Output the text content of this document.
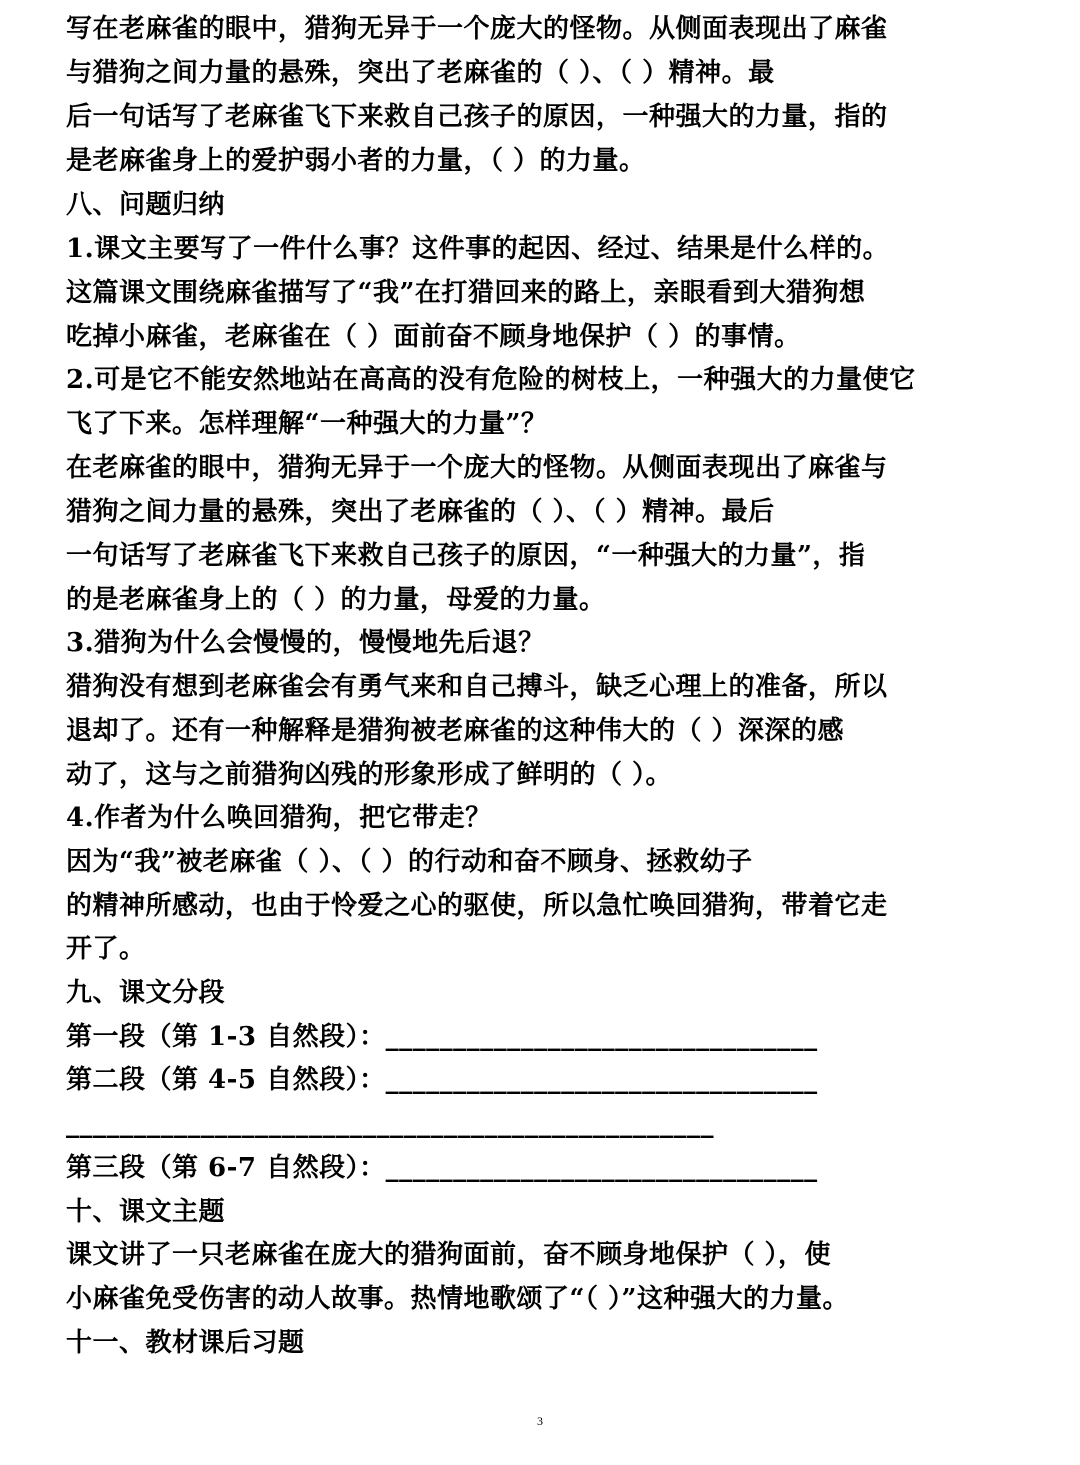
写在老麻雀的眼中，猎狗无异于一个庞大的怪物。从侧面表现出了麻雀
与猎狗之间力量的悬殊，突出了老麻雀的（ ）、（ ）精神。最
后一句话写了老麻雀飞下来救自己孩子的原因，一种强大的力量，指的
是老麻雀身上的爱护弱小者的力量，（ ）的力量。
八、问题归纳
1.课文主要写了一件什么事？这件事的起因、经过、结果是什么样的。
这篇课文围绕麻雀描写了“我”在打猎回来的路上，亲眼看到大猎狗想
吃掉小麻雀，老麻雀在（ ）面前奋不顾身地保护（ ）的事情。
2.可是它不能安然地站在高高的没有危险的树枝上，一种强大的力量使它
飞了下来。怎样理解“一种强大的力量”？
在老麻雀的眼中，猎狗无异于一个庞大的怪物。从侧面表现出了麻雀与
猎狗之间力量的悬殊，突出了老麻雀的（ ）、（ ）精神。最后
一句话写了老麻雀飞下来救自己孩子的原因，“一种强大的力量”，指
的是老麻雀身上的（ ）的力量，母爱的力量。
3.猎狗为什么会慢慢的，慢慢地先后退？
猎狗没有想到老麻雀会有勇气来和自己搏斗，缺乏心理上的准备，所以
退却了。还有一种解释是猎狗被老麻雀的这种伟大的（ ）深深的感
动了，这与之前猎狗凶残的形象形成了鲜明的（ ）。
4.作者为什么唤回猎狗，把它带走？
因为“我”被老麻雀（ ）、（ ）的行动和奋不顾身、拯救幼子
的精神所感动，也由于怜爱之心的驱使，所以急忙唤回猎狗，带着它走
开了。
九、课文分段
第一段（第 1-3 自然段）：________________________________
第二段（第 4-5 自然段）：________________________________
________________________________________________
第三段（第 6-7 自然段）：________________________________
十、课文主题
课文讲了一只老麻雀在庞大的猎狗面前，奋不顾身地保护（ ），使
小麻雀免受伤害的动人故事。热情地歌颂了“（ ）”这种强大的力量。
十一、教材课后习题
3
